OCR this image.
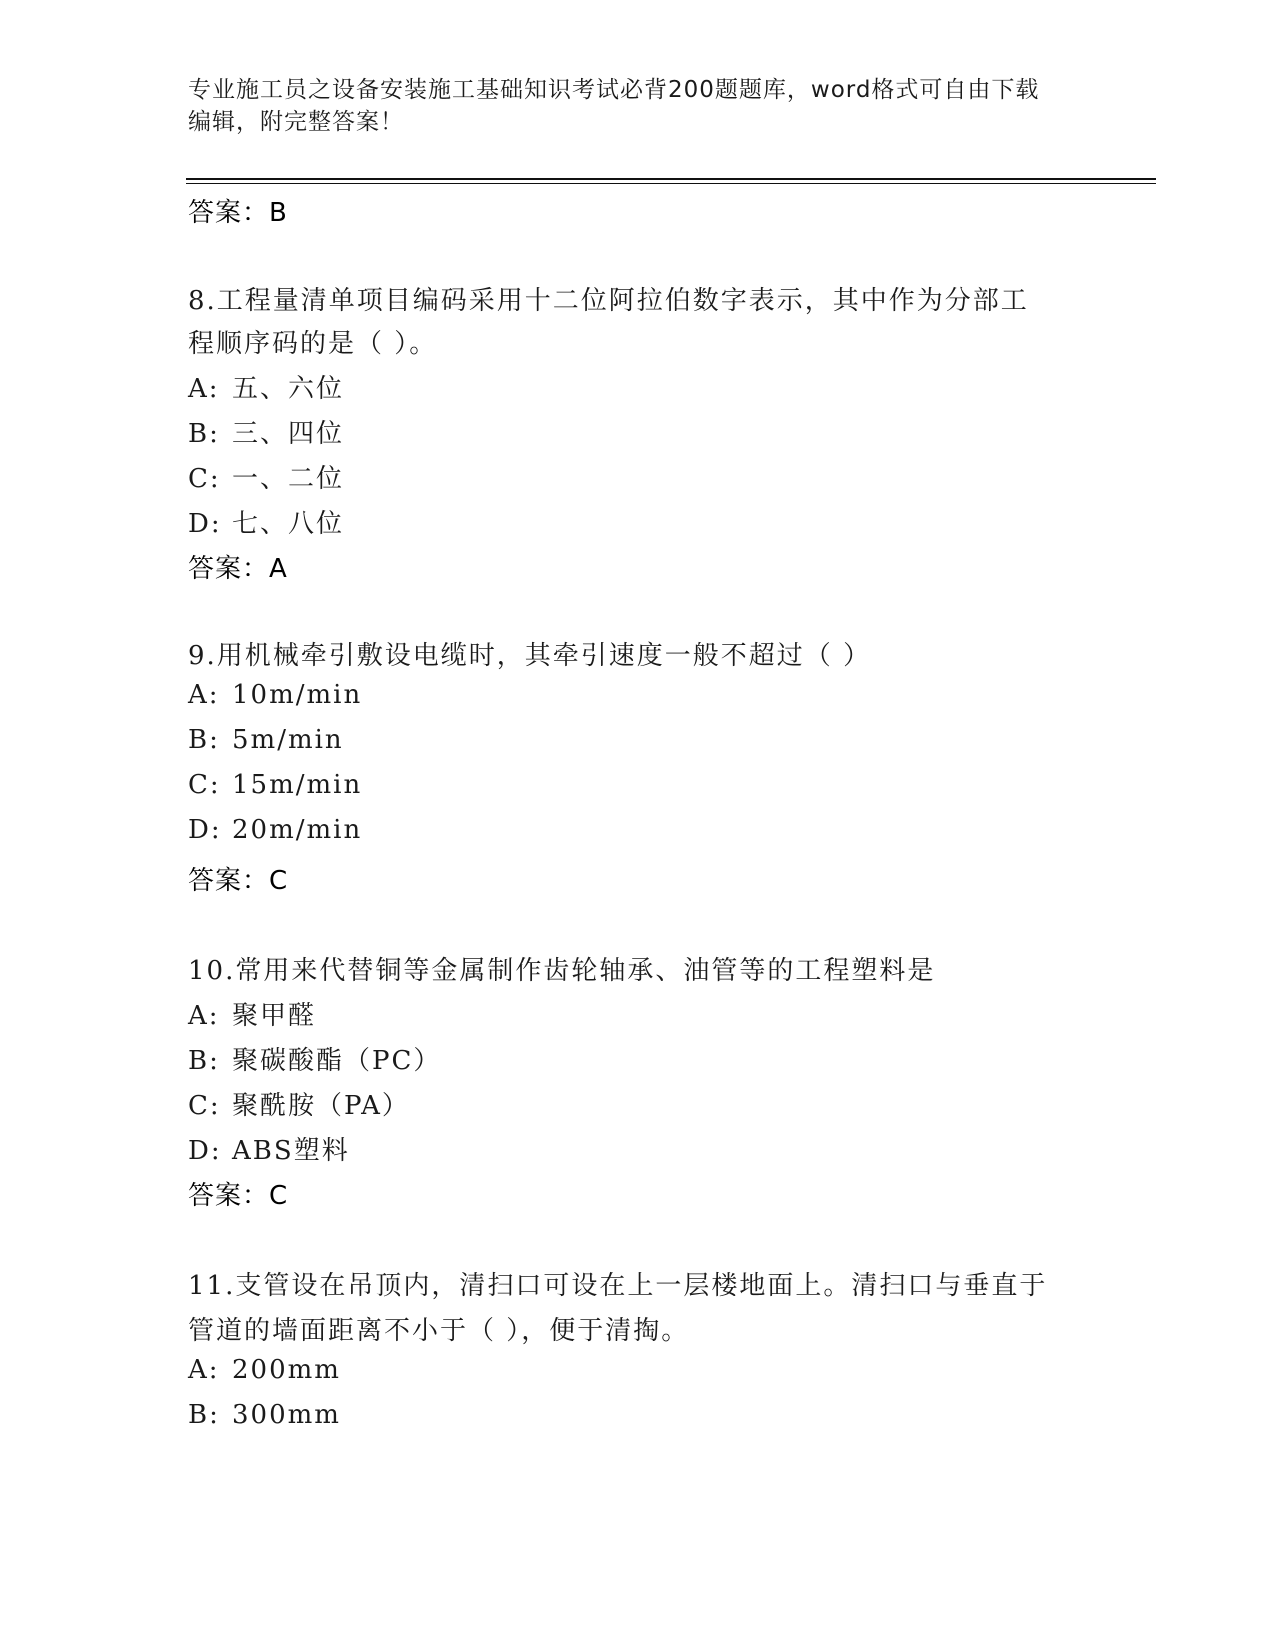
专业施工员之设备安装施工基础知识考试必背200题题库，word格式可自由下载
编辑，附完整答案！
答案：B
8.工程量清单项目编码采用十二位阿拉伯数字表示，其中作为分部工
程顺序码的是（ ）。
A: 五、六位
B: 三、四位
C: 一、二位
D: 七、八位
答案：A
9.用机械牵引敷设电缆时，其牵引速度一般不超过（ ）
A: 10m/min
B: 5m/min
C: 15m/min
D: 20m/min
答案：C
10.常用来代替铜等金属制作齿轮轴承、油管等的工程塑料是
A: 聚甲醛
B: 聚碳酸酯（PC）
C: 聚酰胺（PA）
D: ABS塑料
答案：C
11.支管设在吊顶内，清扫口可设在上一层楼地面上。清扫口与垂直于
管道的墙面距离不小于（ ），便于清掏。
A: 200mm
B: 300mm
